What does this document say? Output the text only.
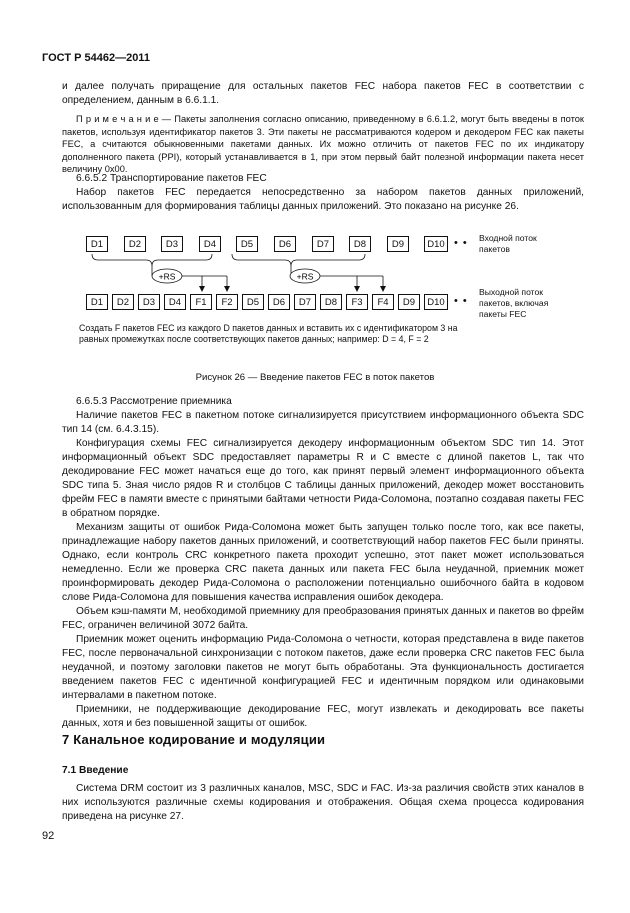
ГОСТ Р 54462—2011
и далее получать приращение для остальных пакетов FEC набора пакетов FEC в соответствии с определением, данным в 6.6.1.1.
П р и м е ч а н и е — Пакеты заполнения согласно описанию, приведенному в 6.6.1.2, могут быть введены в поток пакетов, используя идентификатор пакетов 3. Эти пакеты не рассматриваются кодером и декодером FEC как пакеты FEC, а считаются обыкновенными пакетами данных. Их можно отличить от пакетов FEC по их индикатору дополненного пакета (PPI), который устанавливается в 1, при этом первый байт полезной информации пакета несет величину 0x00.
6.6.5.2 Транспортирование пакетов FEC
Набор пакетов FEC передается непосредственно за набором пакетов данных приложений, использованным для формирования таблицы данных приложений. Это показано на рисунке 26.
+RS	+RS
D1	D2	D3	D4	D5	D6	D7	D8	D9	D10 • • Входной поток пакетов
D1	D2	D3	D4	F1	F2	D5	D6	D7	D8	F3	F4	D9	D10 • •
Выходной поток пакетов, включая пакеты FEC
Создать F пакетов FEC из каждого D пакетов данных и вставить их с идентификатором 3 на равных промежутках после соответствующих пакетов данных; например: D = 4, F = 2
Рисунок 26 — Введение пакетов FEC в поток пакетов
6.6.5.3 Рассмотрение приемника
Наличие пакетов FEC в пакетном потоке сигнализируется присутствием информационного объекта SDC тип 14 (см. 6.4.3.15).
Конфигурация схемы FEC сигнализируется декодеру информационным объектом SDC тип 14. Этот информационный объект SDC предоставляет параметры R и C вместе с длиной пакетов L, так что декодирование FEC может начаться еще до того, как принят первый элемент информационного объекта SDC типа 5. Зная число рядов R и столбцов C таблицы данных приложений, декодер может восстановить фрейм FEC в памяти вместе с принятыми байтами четности Рида-Соломона, поэтапно создавая пакеты FEC в обратном порядке.
Механизм защиты от ошибок Рида-Соломона может быть запущен только после того, как все пакеты, принадлежащие набору пакетов данных приложений, и соответствующий набор пакетов FEC были приняты. Однако, если контроль CRC конкретного пакета проходит успешно, этот пакет может использоваться немедленно. Если же проверка CRC пакета данных или пакета FEC была неудачной, приемник может проинформировать декодер Рида-Соломона о расположении потенциально ошибочного байта в кодовом слове Рида-Соломона для повышения качества исправления ошибок декодера.
Объем кэш-памяти M, необходимой приемнику для преобразования принятых данных и пакетов во фрейм FEC, ограничен величиной 3072 байта.
Приемник может оценить информацию Рида-Соломона о четности, которая представлена в виде пакетов FEC, после первоначальной синхронизации с потоком пакетов, даже если проверка CRC пакетов FEC была неудачной, и поэтому заголовки пакетов не могут быть обработаны. Эта функциональность достигается введением пакетов FEC с идентичной конфигурацией FEC и идентичным порядком или одинаковыми интервалами в пакетном потоке.
Приемники, не поддерживающие декодирование FEC, могут извлекать и декодировать все пакеты данных, хотя и без повышенной защиты от ошибок.
7 Канальное кодирование и модуляции
7.1 Введение
Система DRM состоит из 3 различных каналов, MSC, SDC и FAC. Из-за различия свойств этих каналов в них используются различные схемы кодирования и отображения. Общая схема процесса кодирования приведена на рисунке 27.
92
